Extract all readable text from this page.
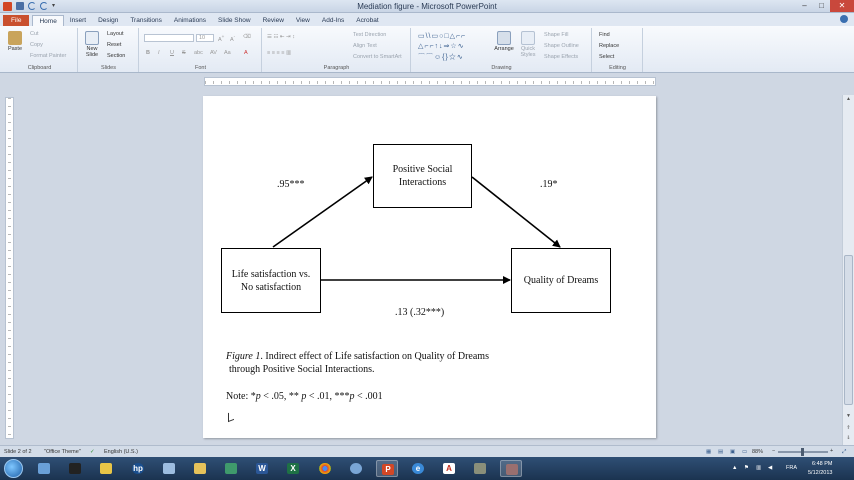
▾	Mediation figure - Microsoft PowerPoint	–	□	✕
File	Home	Insert	Design	Transitions	Animations	Slide Show	Review	View	Add-Ins	Acrobat
Paste
Cut
Copy
Format Painter
Clipboard
New Slide
Layout
Reset
Section
Slides
10	A+
A- ⌫
B I U S abc AV Aa A
Font
☰ ☷ ⇤ ⇥ ↕
≡ ≡ ≡ ≡ ▥
Text Direction
Align Text
Convert to SmartArt
Paragraph
▭\\▭○□△⌐⌐
△⌐⌐↑↓⇒☆∿
⌒⌒☺{}☆∿
Arrange	Quick Styles
Shape Fill
Shape Outline
Shape Effects
Drawing
Find
Replace
Select
Editing
▲
▼
⇑
⇓
Positive Social Interactions
Life satisfaction vs. No satisfaction
Quality of Dreams
.95***	.19*
.13 (.32***)
Figure 1. Indirect effect of Life satisfaction on Quality of Dreams
through Positive Social Interactions.
Note: *p < .05, ** p < .01, ***p < .001
Slide 2 of 2 "Office Theme" ✓ English (U.S.)	▦ ▤ ▣ ▭ 88% −	+ ⤢
hp	W	X	P	e	A	▲ ⚑ ▥ ◀	FRA
6:48 PM
5/12/2013
